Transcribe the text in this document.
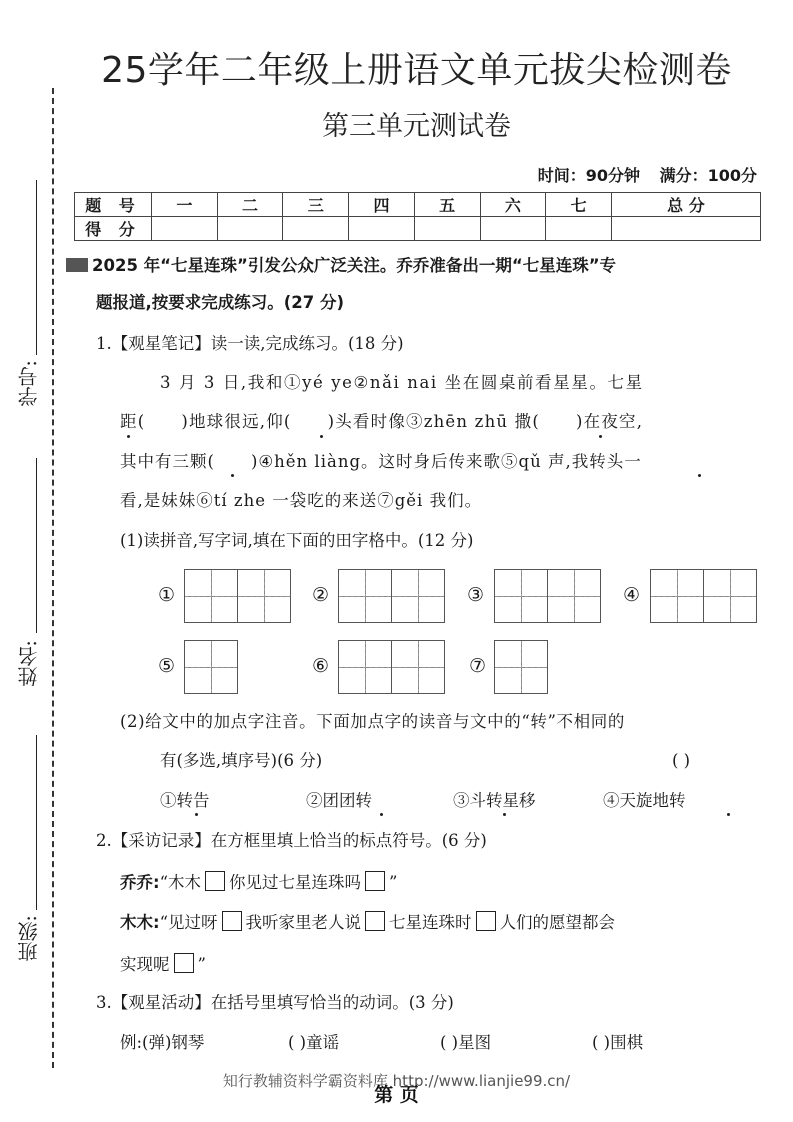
学号:
姓名:
班级:
25学年二年级上册语文单元拔尖检测卷
第三单元测试卷
时间：90分钟 满分：100分
题 号	一	二	三	四	五	六	七	总 分
得 分								
2025 年“七星连珠”引发公众广泛关注。乔乔准备出一期“七星连珠”专
题报道,按要求完成练习。(27 分)
1.【观星笔记】读一读,完成练习。(18 分)
3 月 3 日,我和①yé ye②nǎi nai 坐在圆桌前看星星。七星
距( )地球很远,仰( )头看时像③zhēn zhū 撒( )在夜空,
其中有三颗( )④hěn liàng。这时身后传来歌⑤qǔ 声,我转头一
看,是妹妹⑥tí zhe 一袋吃的来送⑦gěi 我们。
(1)读拼音,写字词,填在下面的田字格中。(12 分)
①	②	③	④
⑤	⑥	⑦
(2)给文中的加点字注音。下面加点字的读音与文中的“转”不相同的
有(多选,填序号)(6 分)	( )
①转告	②团团转	③斗转星移	④天旋地转
2.【采访记录】在方框里填上恰当的标点符号。(6 分)
乔乔:“木木 你见过七星连珠吗 ”
木木:“见过呀 我听家里老人说 七星连珠时 人们的愿望都会
实现呢 ”
3.【观星活动】在括号里填写恰当的动词。(3 分)
例:(弹)钢琴	( )童谣	( )星图	( )围棋
知行教辅资料学霸资料库 http://www.lianjie99.cn/
第 页
